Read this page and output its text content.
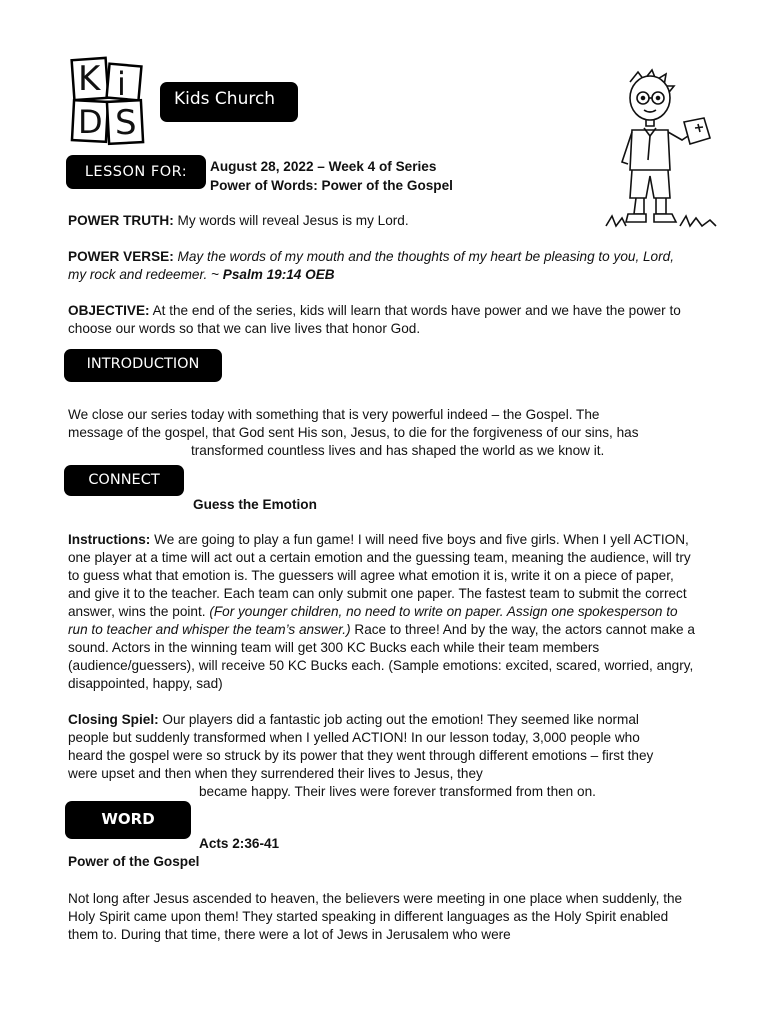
K i
D S
Kids Church
LESSON FOR:	August 28, 2022 – Week 4 of Series
Power of Words: Power of the Gospel
POWER TRUTH: My words will reveal Jesus is my Lord.
POWER VERSE: May the words of my mouth and the thoughts of my heart be pleasing to you, Lord, my rock and redeemer. ~ Psalm 19:14 OEB
OBJECTIVE: At the end of the series, kids will learn that words have power and we have the power to choose our words so that we can live lives that honor God.
INTRODUCTION
We close our series today with something that is very powerful indeed – the Gospel. The
message of the gospel, that God sent His son, Jesus, to die for the forgiveness of our sins, has
transformed countless lives and has shaped the world as we know it.
CONNECT
Guess the Emotion
Instructions: We are going to play a fun game! I will need five boys and five girls. When I yell ACTION, one player at a time will act out a certain emotion and the guessing team, meaning the audience, will try to guess what that emotion is. The guessers will agree what emotion it is, write it on a piece of paper, and give it to the teacher. Each team can only submit one paper. The fastest team to submit the correct answer, wins the point. (For younger children, no need to write on paper. Assign one spokesperson to run to teacher and whisper the team’s answer.) Race to three! And by the way, the actors cannot make a sound. Actors in the winning team will get 300 KC Bucks each while their team members (audience/guessers), will receive 50 KC Bucks each. (Sample emotions: excited, scared, worried, angry, disappointed, happy, sad)
Closing Spiel: Our players did a fantastic job acting out the emotion! They seemed like normal people but suddenly transformed when I yelled ACTION! In our lesson today, 3,000 people who heard the gospel were so struck by its power that they went through different emotions – first they were upset and then when they surrendered their lives to Jesus, they
became happy. Their lives were forever transformed from then on.
WORD
Acts 2:36-41
Power of the Gospel
Not long after Jesus ascended to heaven, the believers were meeting in one place when suddenly, the Holy Spirit came upon them! They started speaking in different languages as the Holy Spirit enabled them to. During that time, there were a lot of Jews in Jerusalem who were
